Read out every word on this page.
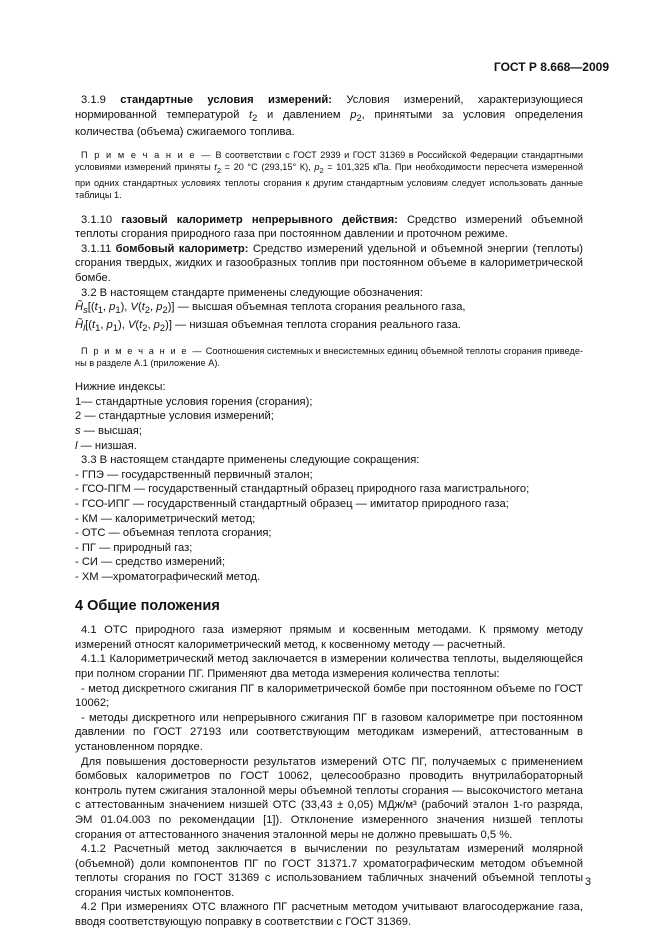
ГОСТ Р 8.668—2009

3.1.9 стандартные условия измерений: Условия измерений, характеризующиеся нормированной температурой $t_2$ и давлением $p_2$, принятыми за условия определения количества (объема) сжигаемого топлива.

П р и м е ч а н и е — В соответствии с ГОСТ 2939 и ГОСТ 31369 в Российской Федерации стандартными условиями измерений приняты $t_2 = 20$ °С (293,15° К), $p_2 = 101,325$ кПа. При необходимости пересчета измеренной при одних стандартных условиях теплоты сгорания к другим стандартным условиям следует использовать данные таблицы 1.

3.1.10 газовый калориметр непрерывного действия: Средство измерений объемной теплоты сгорания природного газа при постоянном давлении и проточном режиме.

3.1.11 бомбовый калориметр: Средство измерений удельной и объемной энергии (теплоты) сгорания твердых, жидких и газообразных топлив при постоянном объеме в калориметрической бомбе.

3.2 В настоящем стандарте применены следующие обозначения:

$H̃_s[(t_1$, $p_1$), $V(t_2$, $p_2$)] — высшая объемная теплота сгорания реального газа,

$H̃_l[(t_1$, $p_1$), $V(t_2$, $p_2$)] — низшая объемная теплота сгорания реального газа.

П р и м е ч а н и е — Соотношения системных и внесистемных единиц объемной теплоты сгорания приведены в разделе А.1 (приложение А).

Нижние индексы:

1— стандартные условия горения (сгорания);

2 — стандартные условия измерений;

s — высшая;

l — низшая.

3.3 В настоящем стандарте применены следующие сокращения:

- ГПЭ — государственный первичный эталон;

- ГСО-ПГМ — государственный стандартный образец природного газа магистрального;

- ГСО-ИПГ — государственный стандартный образец — имитатор природного газа;

- КМ — калориметрический метод;

- ОТС — объемная теплота сгорания;

- ПГ — природный газ;

- СИ — средство измерений;

- ХМ —хроматографический метод.

4 Общие положения

4.1 ОТС природного газа измеряют прямым и косвенным методами. К прямому методу измерений относят калориметрический метод, к косвенному методу — расчетный.

4.1.1 Калориметрический метод заключается в измерении количества теплоты, выделяющейся при полном сгорании ПГ. Применяют два метода измерения количества теплоты:

- метод дискретного сжигания ПГ в калориметрической бомбе при постоянном объеме по ГОСТ 10062;

- методы дискретного или непрерывного сжигания ПГ в газовом калориметре при постоянном давлении по ГОСТ 27193 или соответствующим методикам измерений, аттестованным в установленном порядке.

Для повышения достоверности результатов измерений ОТС ПГ, получаемых с применением бомбовых калориметров по ГОСТ 10062, целесообразно проводить внутрилабораторный контроль путем сжигания эталонной меры объемной теплоты сгорания — высокочистого метана с аттестованным значением низшей ОТС (33,43 ± 0,05) МДж/м³ (рабочий эталон 1-го разряда, ЭМ 01.04.003 по рекомендации [1]). Отклонение измеренного значения низшей теплоты сгорания от аттестованного значения эталонной меры не должно превышать 0,5 %.

4.1.2 Расчетный метод заключается в вычислении по результатам измерений молярной (объемной) доли компонентов ПГ по ГОСТ 31371.7 хроматографическим методом объемной теплоты сгорания по ГОСТ 31369 с использованием табличных значений объемной теплоты сгорания чистых компонентов.

4.2 При измерениях ОТС влажного ПГ расчетным методом учитывают влагосодержание газа, вводя соответствующую поправку в соответствии с ГОСТ 31369.

3
